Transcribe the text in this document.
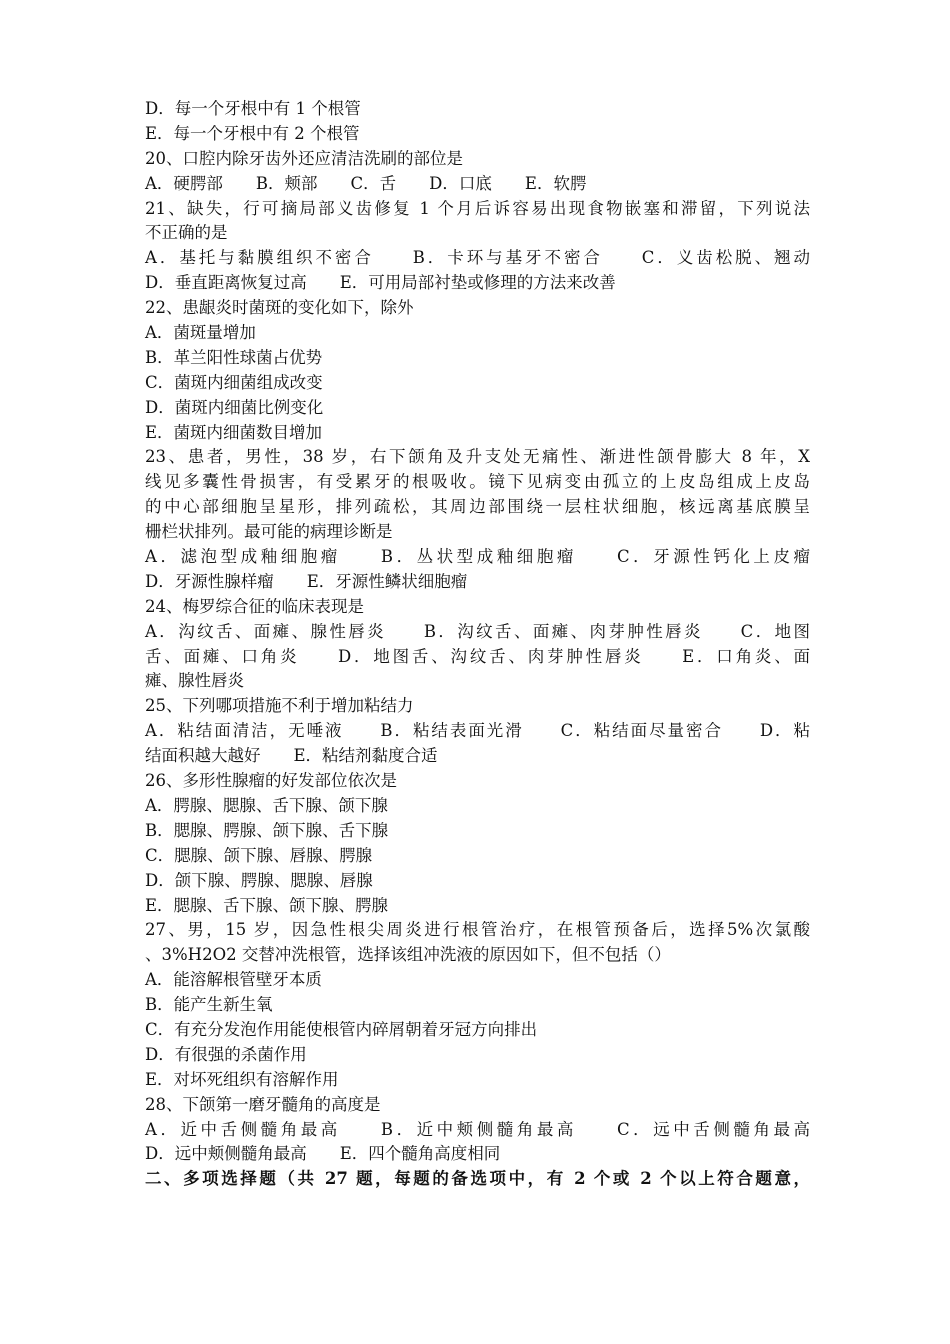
D．每一个牙根中有 1 个根管
E．每一个牙根中有 2 个根管
20、口腔内除牙齿外还应清洁洗刷的部位是
A．硬腭部　　B．颊部　　C．舌　　D．口底　　E．软腭
21、缺失，行可摘局部义齿修复 1 个月后诉容易出现食物嵌塞和滞留，下列说法
不正确的是
A．基托与黏膜组织不密合　　B．卡环与基牙不密合　　C．义齿松脱、翘动
D．垂直距离恢复过高　　E．可用局部衬垫或修理的方法来改善
22、患龈炎时菌斑的变化如下，除外
A．菌斑量增加
B．革兰阳性球菌占优势
C．菌斑内细菌组成改变
D．菌斑内细菌比例变化
E．菌斑内细菌数目增加
23、患者，男性，38 岁，右下颌角及升支处无痛性、渐进性颌骨膨大 8 年，X
线见多囊性骨损害，有受累牙的根吸收。镜下见病变由孤立的上皮岛组成上皮岛
的中心部细胞呈星形，排列疏松，其周边部围绕一层柱状细胞，核远离基底膜呈
栅栏状排列。最可能的病理诊断是
A．滤泡型成釉细胞瘤　　B．丛状型成釉细胞瘤　　C．牙源性钙化上皮瘤
D．牙源性腺样瘤　　E．牙源性鳞状细胞瘤
24、梅罗综合征的临床表现是
A．沟纹舌、面瘫、腺性唇炎　　B．沟纹舌、面瘫、肉芽肿性唇炎　　C．地图
舌、面瘫、口角炎　　D．地图舌、沟纹舌、肉芽肿性唇炎　　E．口角炎、面
瘫、腺性唇炎
25、下列哪项措施不利于增加粘结力
A．粘结面清洁，无唾液　　B．粘结表面光滑　　C．粘结面尽量密合　　D．粘
结面积越大越好　　E．粘结剂黏度合适
26、多形性腺瘤的好发部位依次是
A．腭腺、腮腺、舌下腺、颌下腺
B．腮腺、腭腺、颌下腺、舌下腺
C．腮腺、颌下腺、唇腺、腭腺
D．颌下腺、腭腺、腮腺、唇腺
E．腮腺、舌下腺、颌下腺、腭腺
27、男，15 岁，因急性根尖周炎进行根管治疗，在根管预备后，选择5%次氯酸
、3%H2O2 交替冲洗根管，选择该组冲洗液的原因如下，但不包括（）
A．能溶解根管壁牙本质
B．能产生新生氧
C．有充分发泡作用能使根管内碎屑朝着牙冠方向排出
D．有很强的杀菌作用
E．对坏死组织有溶解作用
28、下颌第一磨牙髓角的高度是
A．近中舌侧髓角最高　　B．近中颊侧髓角最高　　C．远中舌侧髓角最高
D．远中颊侧髓角最高　　E．四个髓角高度相同
二、多项选择题（共 27 题，每题的备选项中，有 2 个或 2 个以上符合题意，
